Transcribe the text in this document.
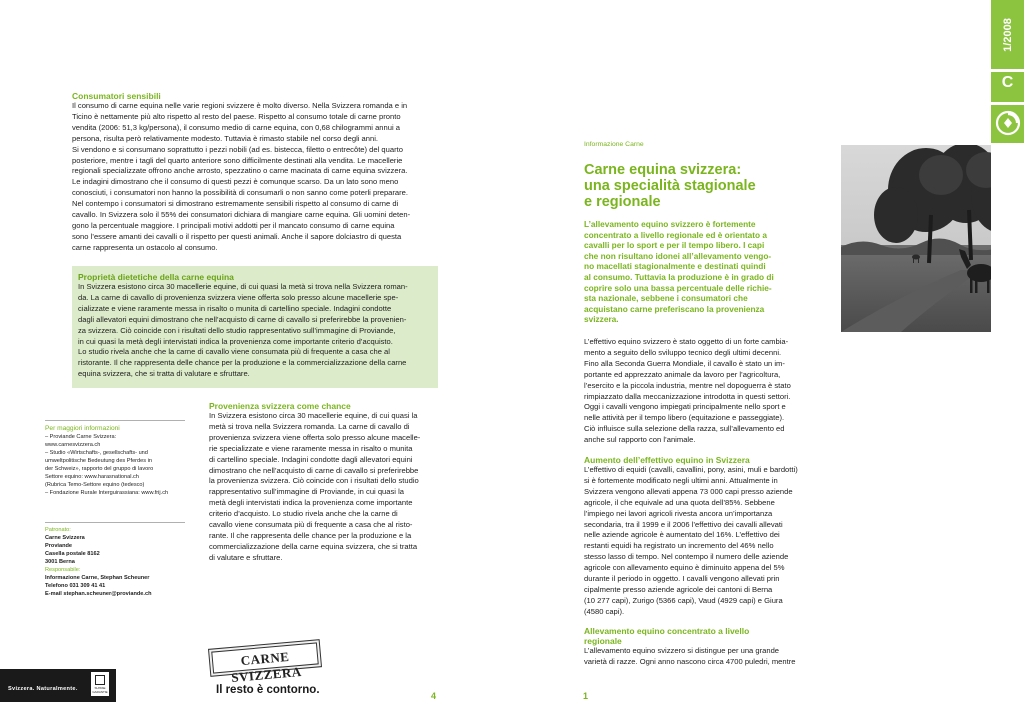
Consumatori sensibili
Il consumo di carne equina nelle varie regioni svizzere è molto diverso. Nella Svizzera romanda e in
Ticino è nettamente più alto rispetto al resto del paese. Rispetto al consumo totale di carne pronto
vendita (2006: 51,3 kg/persona), il consumo medio di carne equina, con 0,68 chilogrammi annui a
persona, risulta però relativamente modesto. Tuttavia è rimasto stabile nel corso degli anni.
Si vendono e si consumano soprattutto i pezzi nobili (ad es. bistecca, filetto o entrecôte) del quarto
posteriore, mentre i tagli del quarto anteriore sono difficilmente destinati alla vendita. Le macellerie
regionali specializzate offrono anche arrosto, spezzatino o carne macinata di carne equina svizzera.
Le indagini dimostrano che il consumo di questi pezzi è comunque scarso. Da un lato sono meno
conosciuti, i consumatori non hanno la possibilità di consumarli o non sanno come poterli preparare.
Nel contempo i consumatori si dimostrano estremamente sensibili rispetto al consumo di carne di
cavallo. In Svizzera solo il 55% dei consumatori dichiara di mangiare carne equina. Gli uomini deten-
gono la percentuale maggiore. I principali motivi addotti per il mancato consumo di carne equina
sono l’essere amanti dei cavalli o il rispetto per questi animali. Anche il sapore dolciastro di questa
carne rappresenta un ostacolo al consumo.
Proprietà dietetiche della carne equina
In Svizzera esistono circa 30 macellerie equine, di cui quasi la metà si trova nella Svizzera roman-
da. La carne di cavallo di provenienza svizzera viene offerta solo presso alcune macellerie spe-
cializzate e viene raramente messa in risalto o munita di cartellino speciale. Indagini condotte
dagli allevatori equini dimostrano che nell’acquisto di carne di cavallo si preferirebbe la provenien-
za svizzera. Ciò coincide con i risultati dello studio rappresentativo sull’immagine di Proviande,
in cui quasi la metà degli intervistati indica la provenienza come importante criterio d’acquisto.
Lo studio rivela anche che la carne di cavallo viene consumata più di frequente a casa che al
ristorante. Il che rappresenta delle chance per la produzione e la commercializzazione della carne
equina svizzera, che si tratta di valutare e sfruttare.
Per maggiori informazioni
– Proviande Carne Svizzera:
www.carnesvizzera.ch
– Studio «Wirtschafts-, gesellschafts- und
umweltpolitische Bedeutung des Pferdes in
der Schweiz», rapporto del gruppo di lavoro
Settore equino: www.harasnational.ch
(Rubrica Temo-Settore equino (tedesco)
– Fondazione Rurale Interguirassiana: www.frij.ch
Patronato:
Carne Svizzera
Proviande
Casella postale 8162
3001 Berna
Responsabile:
Informazione Carne, Stephan Scheuner
Telefono 031 309 41 41
E-mail stephan.scheuner@proviande.ch
Provenienza svizzera come chance
In Svizzera esistono circa 30 macellerie equine, di cui quasi la
metà si trova nella Svizzera romanda. La carne di cavallo di
provenienza svizzera viene offerta solo presso alcune macelle-
rie specializzate e viene raramente messa in risalto o munita
di cartellino speciale. Indagini condotte dagli allevatori equini
dimostrano che nell’acquisto di carne di cavallo si preferirebbe
la provenienza svizzera. Ciò coincide con i risultati dello studio
rappresentativo sull’immagine di Proviande, in cui quasi la
metà degli intervistati indica la provenienza come importante
criterio d’acquisto. Lo studio rivela anche che la carne di
cavallo viene consumata più di frequente a casa che al risto-
rante. Il che rappresenta delle chance per la produzione e la
commercializzazione della carne equina svizzera, che si tratta
di valutare e sfruttare.
Svizzera. Naturalmente.	SUISSE GARANTIE
CARNE SVIZZERA
Il resto è contorno.	4
Informazione Carne
Carne equina svizzera:
una specialità stagionale
e regionale
L’allevamento equino svizzero è fortemente
concentrato a livello regionale ed è orientato a
cavalli per lo sport e per il tempo libero. I capi
che non risultano idonei all’allevamento vengo-
no macellati stagionalmente e destinati quindi
al consumo. Tuttavia la produzione è in grado di
coprire solo una bassa percentuale delle richie-
sta nazionale, sebbene i consumatori che
acquistano carne preferiscano la provenienza
svizzera.
L’effettivo equino svizzero è stato oggetto di un forte cambia-
mento a seguito dello sviluppo tecnico degli ultimi decenni.
Fino alla Seconda Guerra Mondiale, il cavallo è stato un im-
portante ed apprezzato animale da lavoro per l’agricoltura,
l’esercito e la piccola industria, mentre nel dopoguerra è stato
rimpiazzato dalla meccanizzazione introdotta in questi settori.
Oggi i cavalli vengono impiegati principalmente nello sport e
nelle attività per il tempo libero (equitazione e passeggiate).
Ciò influisce sulla selezione della razza, sull’allevamento ed
anche sul rapporto con l’animale.
Aumento dell’effettivo equino in Svizzera
L’effettivo di equidi (cavalli, cavallini, pony, asini, muli e bardotti)
si è fortemente modificato negli ultimi anni. Attualmente in
Svizzera vengono allevati appena 73 000 capi presso aziende
agricole, il che equivale ad una quota dell’85%. Sebbene
l’impiego nei lavori agricoli rivesta ancora un’importanza
secondaria, tra il 1999 e il 2006 l’effettivo dei cavalli allevati
nelle aziende agricole è aumentato del 16%. L’effettivo dei
restanti equidi ha registrato un incremento del 46% nello
stesso lasso di tempo. Nel contempo il numero delle aziende
agricole con allevamento equino è diminuito appena del 5%
durante il periodo in oggetto. I cavalli vengono allevati prin
cipalmente presso aziende agricole dei cantoni di Berna
(10 277 capi), Zurigo (5366 capi), Vaud (4929 capi) e Giura
(4580 capi).
Allevamento equino concentrato a livello
regionale
L’allevamento equino svizzero si distingue per una grande
varietà di razze. Ogni anno nascono circa 4700 puledri, mentre
1
1/2008
C
